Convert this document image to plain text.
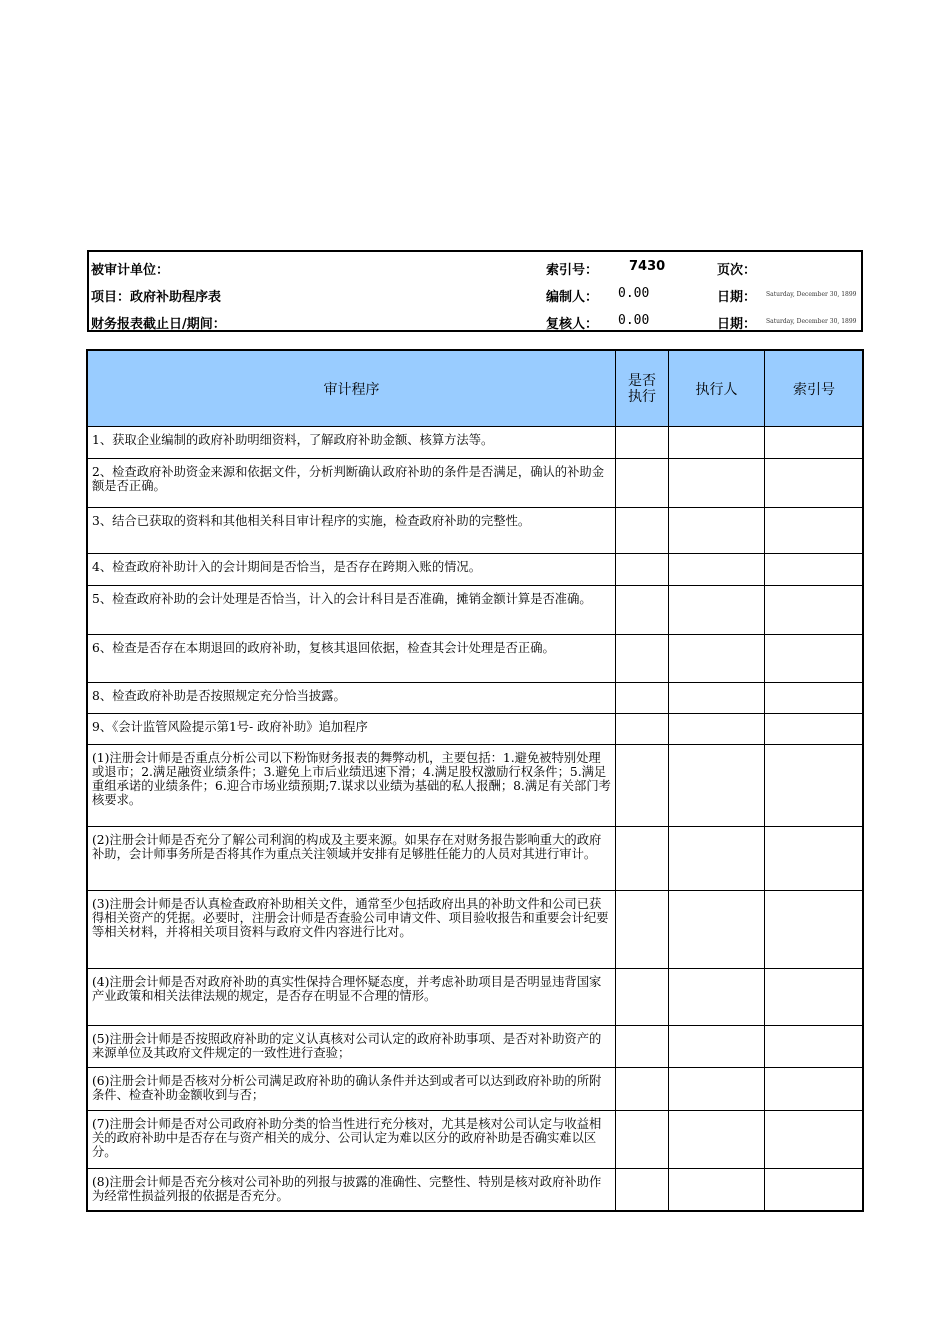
被审计单位：	索引号： 7430	页次：
项目：政府补助程序表	编制人： 0.00	日期： Saturday, December 30, 1899
财务报表截止日/期间：	复核人： 0.00	日期： Saturday, December 30, 1899
审计程序	是否执行	执行人	索引号
1、获取企业编制的政府补助明细资料，了解政府补助金额、核算方法等。			
2、检查政府补助资金来源和依据文件，分析判断确认政府补助的条件是否满足，确认的补助金额是否正确。			
3、结合已获取的资料和其他相关科目审计程序的实施，检查政府补助的完整性。			
4、检查政府补助计入的会计期间是否恰当，是否存在跨期入账的情况。			
5、检查政府补助的会计处理是否恰当，计入的会计科目是否准确，摊销金额计算是否准确。			
6、检查是否存在本期退回的政府补助，复核其退回依据，检查其会计处理是否正确。			
8、检查政府补助是否按照规定充分恰当披露。			
9、《会计监管风险提示第1号- 政府补助》追加程序			
(1)注册会计师是否重点分析公司以下粉饰财务报表的舞弊动机，主要包括：1.避免被特别处理或退市；2.满足融资业绩条件；3.避免上市后业绩迅速下滑；4.满足股权激励行权条件；5.满足重组承诺的业绩条件；6.迎合市场业绩预期;7.谋求以业绩为基础的私人报酬；8.满足有关部门考核要求。			
(2)注册会计师是否充分了解公司利润的构成及主要来源。如果存在对财务报告影响重大的政府补助，会计师事务所是否将其作为重点关注领域并安排有足够胜任能力的人员对其进行审计。			
(3)注册会计师是否认真检查政府补助相关文件，通常至少包括政府出具的补助文件和公司已获得相关资产的凭据。必要时，注册会计师是否查验公司申请文件、项目验收报告和重要会计纪要等相关材料，并将相关项目资料与政府文件内容进行比对。			
(4)注册会计师是否对政府补助的真实性保持合理怀疑态度，并考虑补助项目是否明显违背国家产业政策和相关法律法规的规定，是否存在明显不合理的情形。			
(5)注册会计师是否按照政府补助的定义认真核对公司认定的政府补助事项、是否对补助资产的来源单位及其政府文件规定的一致性进行查验；			
(6)注册会计师是否核对分析公司满足政府补助的确认条件并达到或者可以达到政府补助的所附条件、检查补助金额收到与否；			
(7)注册会计师是否对公司政府补助分类的恰当性进行充分核对，尤其是核对公司认定与收益相关的政府补助中是否存在与资产相关的成分、公司认定为难以区分的政府补助是否确实难以区分。			
(8)注册会计师是否充分核对公司补助的列报与披露的准确性、完整性、特别是核对政府补助作为经常性损益列报的依据是否充分。			
